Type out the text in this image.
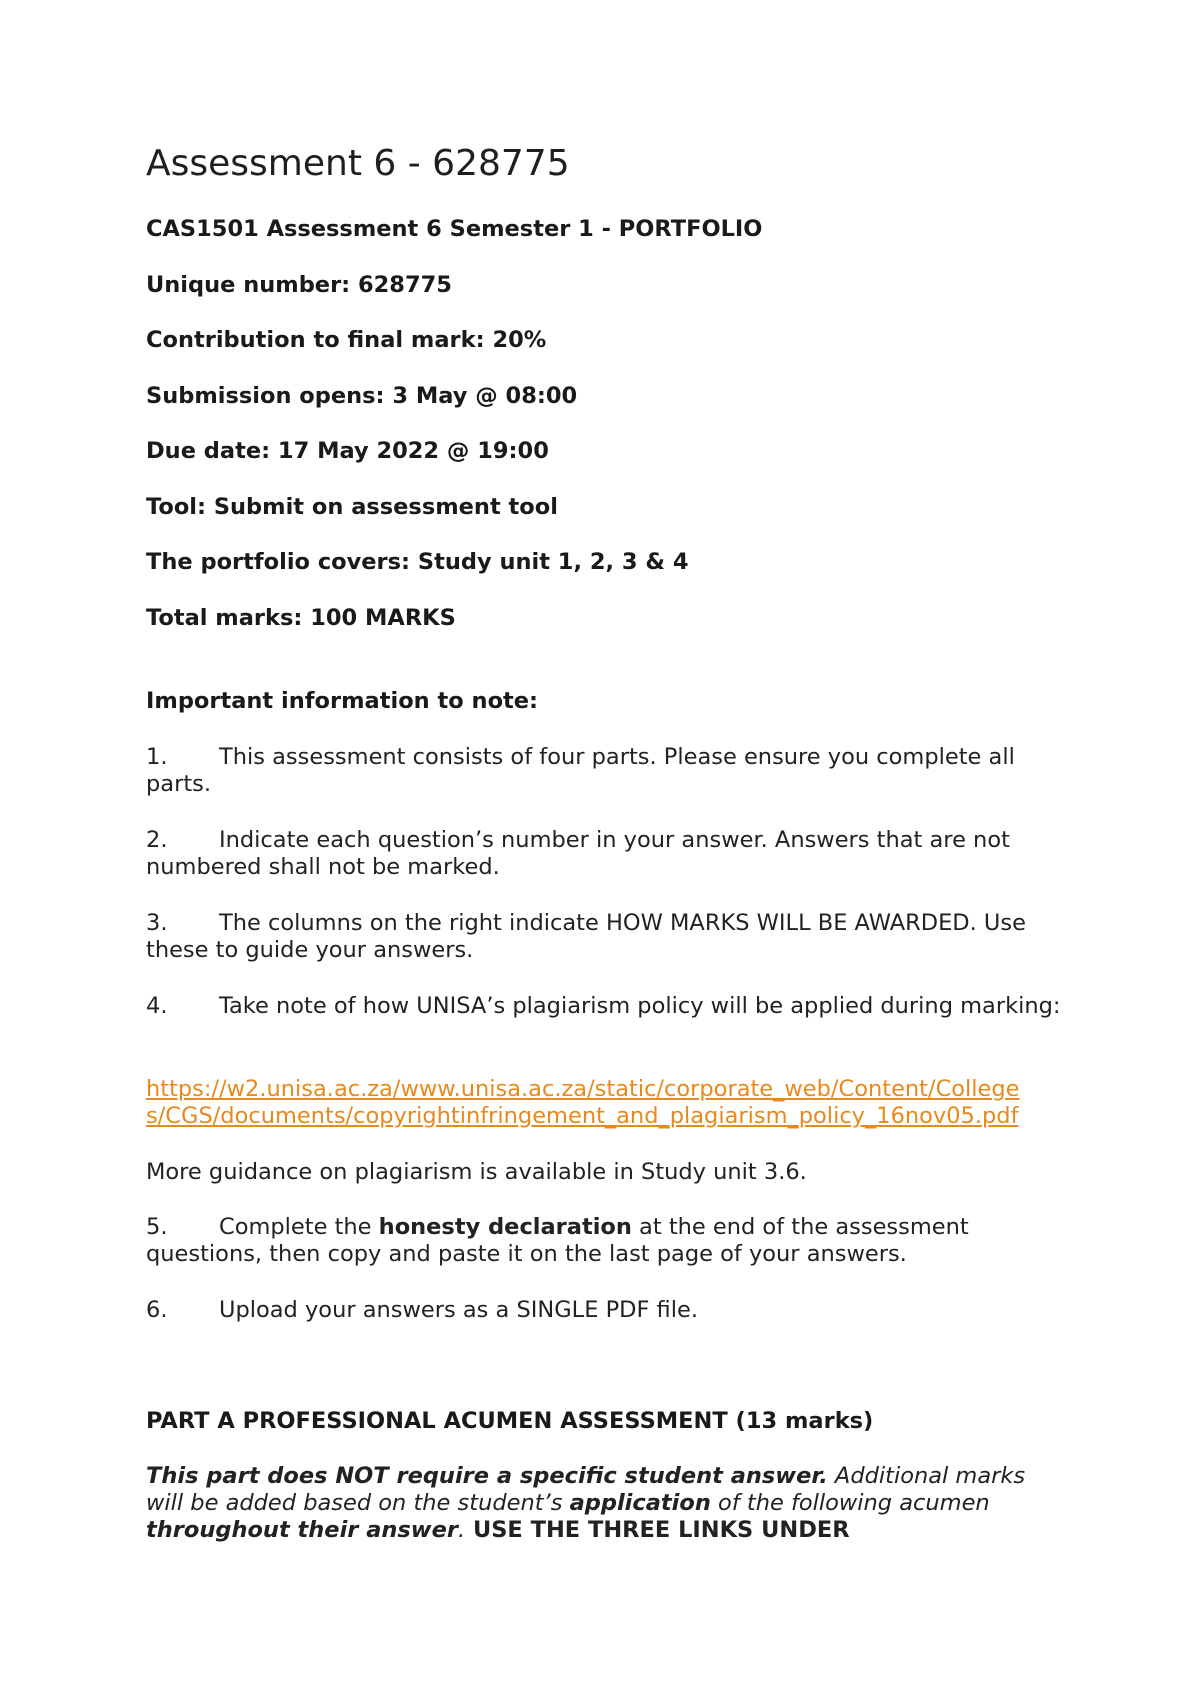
Assessment 6 - 628775
CAS1501 Assessment 6 Semester 1 - PORTFOLIO
Unique number: 628775
Contribution to final mark: 20%
Submission opens: 3 May @ 08:00
Due date: 17 May 2022 @ 19:00
Tool: Submit on assessment tool
The portfolio covers: Study unit 1, 2, 3 & 4
Total marks: 100 MARKS
Important information to note:
1. This assessment consists of four parts. Please ensure you complete all parts.
2. Indicate each question’s number in your answer. Answers that are not numbered shall not be marked.
3. The columns on the right indicate HOW MARKS WILL BE AWARDED. Use these to guide your answers.
4. Take note of how UNISA’s plagiarism policy will be applied during marking:
https://w2.unisa.ac.za/www.unisa.ac.za/static/corporate_web/Content/College
s/CGS/documents/copyrightinfringement_and_plagiarism_policy_16nov05.pdf
More guidance on plagiarism is available in Study unit 3.6.
5. Complete the honesty declaration at the end of the assessment questions, then copy and paste it on the last page of your answers.
6. Upload your answers as a SINGLE PDF file.
PART A PROFESSIONAL ACUMEN ASSESSMENT (13 marks)
This part does NOT require a specific student answer. Additional marks will be added based on the student’s application of the following acumen throughout their answer. USE THE THREE LINKS UNDER
